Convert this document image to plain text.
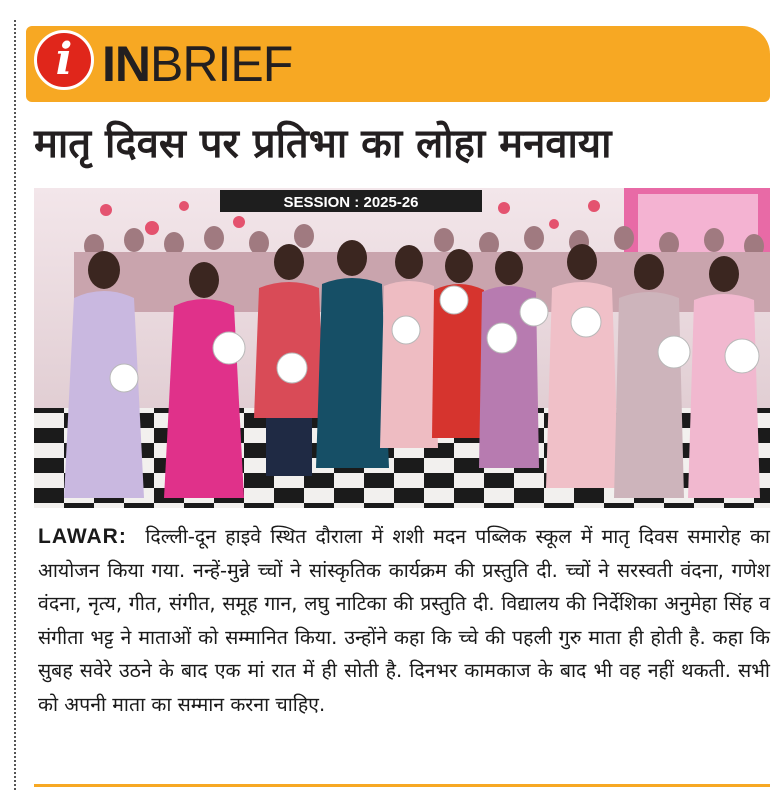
i INBRIEF
मातृ दिवस पर प्रतिभा का लोहा मनवाया
SESSION : 2025-26
LAWAR: दिल्ली-दून हाइवे स्थित दौराला में शशी मदन पब्लिक स्कूल में मातृ दिवस समारोह का आयोजन किया गया. नन्हें-मुन्ने च्चों ने सांस्कृतिक कार्यक्रम की प्रस्तुति दी. च्चों ने सरस्वती वंदना, गणेश वंदना, नृत्य, गीत, संगीत, समूह गान, लघु नाटिका की प्रस्तुति दी. विद्यालय की निर्देशिका अनुमेहा सिंह व संगीता भट्ट ने माताओं को सम्मानित किया. उन्होंने कहा कि च्चे की पहली गुरु माता ही होती है. कहा कि सुबह सवेरे उठने के बाद एक मां रात में ही सोती है. दिनभर कामकाज के बाद भी वह नहीं थकती. सभी को अपनी माता का सम्मान करना चाहिए.
